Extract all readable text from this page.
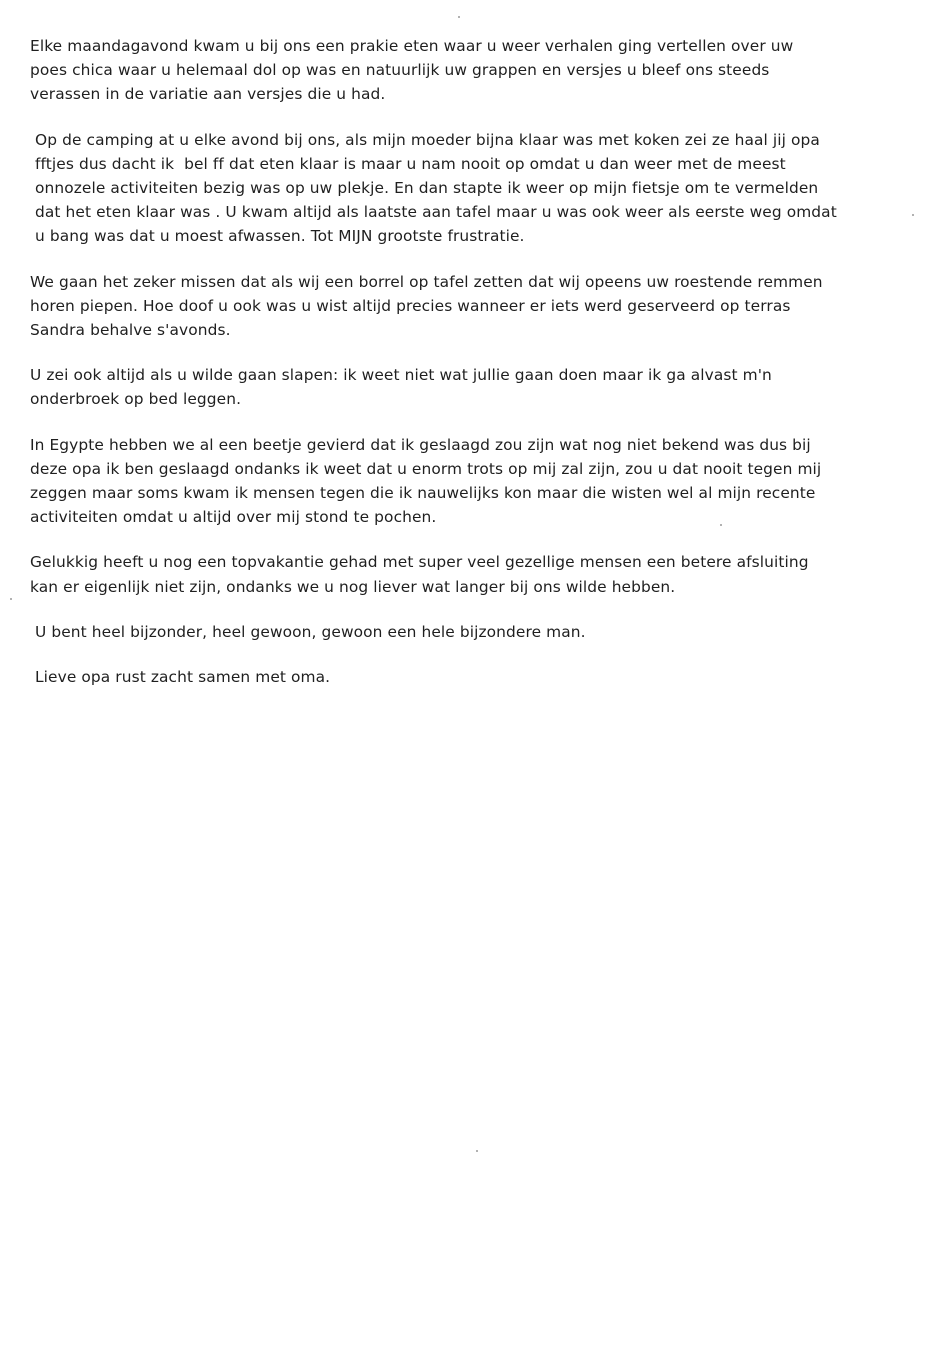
Elke maandagavond kwam u bij ons een prakie eten waar u weer verhalen ging vertellen over uw
poes chica waar u helemaal dol op was en natuurlijk uw grappen en versjes u bleef ons steeds
verassen in de variatie aan versjes die u had.

Op de camping at u elke avond bij ons, als mijn moeder bijna klaar was met koken zei ze haal jij opa
fftjes dus dacht ik  bel ff dat eten klaar is maar u nam nooit op omdat u dan weer met de meest
onnozele activiteiten bezig was op uw plekje. En dan stapte ik weer op mijn fietsje om te vermelden
dat het eten klaar was . U kwam altijd als laatste aan tafel maar u was ook weer als eerste weg omdat
u bang was dat u moest afwassen. Tot MIJN grootste frustratie.

We gaan het zeker missen dat als wij een borrel op tafel zetten dat wij opeens uw roestende remmen
horen piepen. Hoe doof u ook was u wist altijd precies wanneer er iets werd geserveerd op terras
Sandra behalve s'avonds.

U zei ook altijd als u wilde gaan slapen: ik weet niet wat jullie gaan doen maar ik ga alvast m'n
onderbroek op bed leggen.

In Egypte hebben we al een beetje gevierd dat ik geslaagd zou zijn wat nog niet bekend was dus bij
deze opa ik ben geslaagd ondanks ik weet dat u enorm trots op mij zal zijn, zou u dat nooit tegen mij
zeggen maar soms kwam ik mensen tegen die ik nauwelijks kon maar die wisten wel al mijn recente
activiteiten omdat u altijd over mij stond te pochen.

Gelukkig heeft u nog een topvakantie gehad met super veel gezellige mensen een betere afsluiting
kan er eigenlijk niet zijn, ondanks we u nog liever wat langer bij ons wilde hebben.

U bent heel bijzonder, heel gewoon, gewoon een hele bijzondere man.

Lieve opa rust zacht samen met oma.
